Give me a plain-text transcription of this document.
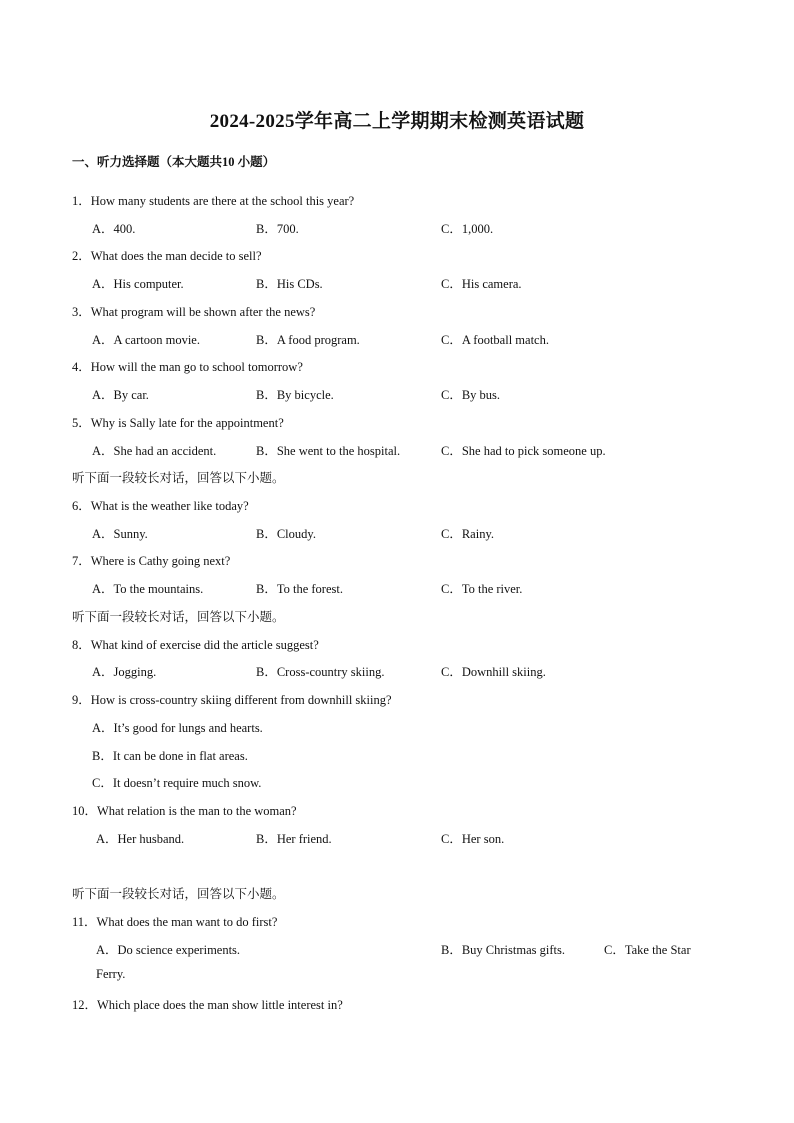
2024-2025学年高二上学期期末检测英语试题
一、听力选择题（本大题共10 小题）
1．How many students are there at the school this year?
A．400.	B．700.	C．1,000.
2．What does the man decide to sell?
A．His computer.	B．His CDs.	C．His camera.
3．What program will be shown after the news?
A．A cartoon movie.	B．A food program.	C．A football match.
4．How will the man go to school tomorrow?
A．By car.	B．By bicycle.	C．By bus.
5．Why is Sally late for the appointment?
A．She had an accident.	B．She went to the hospital.	C．She had to pick someone up.
听下面一段较长对话，回答以下小题。
6．What is the weather like today?
A．Sunny.	B．Cloudy.	C．Rainy.
7．Where is Cathy going next?
A．To the mountains.	B．To the forest.	C．To the river.
听下面一段较长对话，回答以下小题。
8．What kind of exercise did the article suggest?
A．Jogging.	B．Cross-country skiing.	C．Downhill skiing.
9．How is cross-country skiing different from downhill skiing?
A．It’s good for lungs and hearts.
B．It can be done in flat areas.
C．It doesn’t require much snow.
10．What relation is the man to the woman?
A．Her husband.	B．Her friend.	C．Her son.
听下面一段较长对话，回答以下小题。
11．What does the man want to do first?
A．Do science experiments.	B．Buy Christmas gifts.	C．Take the Star
Ferry.
12．Which place does the man show little interest in?
